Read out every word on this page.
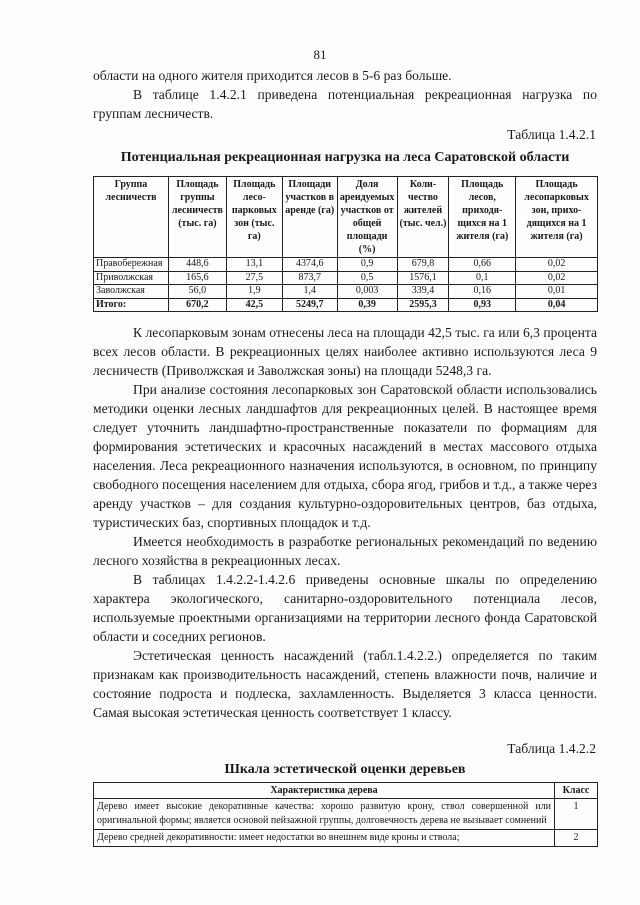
81

области на одного жителя приходится лесов в 5-6 раз больше.

В таблице 1.4.2.1 приведена потенциальная рекреационная нагрузка по группам лесничеств.

Таблица 1.4.2.1
Потенциальная рекреационная нагрузка на леса Саратовской области
Группа лесничеств	Площадь группы лесничеств (тыс. га)	Площадь лесо-парковых зон (тыс. га)	Площади участков в аренде (га)	Доля арендуемых участков от общей площади (%)	Коли-чество жителей (тыс. чел.)	Площадь лесов, приходя-щихся на 1 жителя (га)	Площадь лесопарковых зон, прихо-дящихся на 1 жителя (га)
Правобережная	448,6	13,1	4374,6	0,9	679,8	0,66	0,02
Приволжская	165,6	27,5	873,7	0,5	1576,1	0,1	0,02
Заволжская	56,0	1,9	1,4	0,003	339,4	0,16	0,01
Итого:	670,2	42,5	5249,7	0,39	2595,3	0,93	0,04

К лесопарковым зонам отнесены леса на площади 42,5 тыс. га или 6,3 процента всех лесов области. В рекреационных целях наиболее активно используются леса 9 лесничеств (Приволжская и Заволжская зоны) на площади 5248,3 га.

При анализе состояния лесопарковых зон Саратовской области использовались методики оценки лесных ландшафтов для рекреационных целей. В настоящее время следует уточнить ландшафтно-пространственные показатели по формациям для формирования эстетических и красочных насаждений в местах массового отдыха населения. Леса рекреационного назначения используются, в основном, по принципу свободного посещения населением для отдыха, сбора ягод, грибов и т.д., а также через аренду участков – для создания культурно-оздоровительных центров, баз отдыха, туристических баз, спортивных площадок и т.д.

Имеется необходимость в разработке региональных рекомендаций по ведению лесного хозяйства в рекреационных лесах.

В таблицах 1.4.2.2-1.4.2.6 приведены основные шкалы по определению характера экологического, санитарно-оздоровительного потенциала лесов, используемые проектными организациями на территории лесного фонда Саратовской области и соседних регионов.

Эстетическая ценность насаждений (табл.1.4.2.2.) определяется по таким признакам как производительность насаждений, степень влажности почв, наличие и состояние подроста и подлеска, захламленность. Выделяется 3 класса ценности. Самая высокая эстетическая ценность соответствует 1 классу.

Таблица 1.4.2.2
Шкала эстетической оценки деревьев
Характеристика дерева	Класс
Дерево имеет высокие декоративные качества: хорошо развитую крону, ствол совершенной или оригинальной формы; является основой пейзажной группы, долговечность дерева не вызывает сомнений	1
Дерево средней декоративности: имеет недостатки во внешнем виде кроны и ствола;	2
